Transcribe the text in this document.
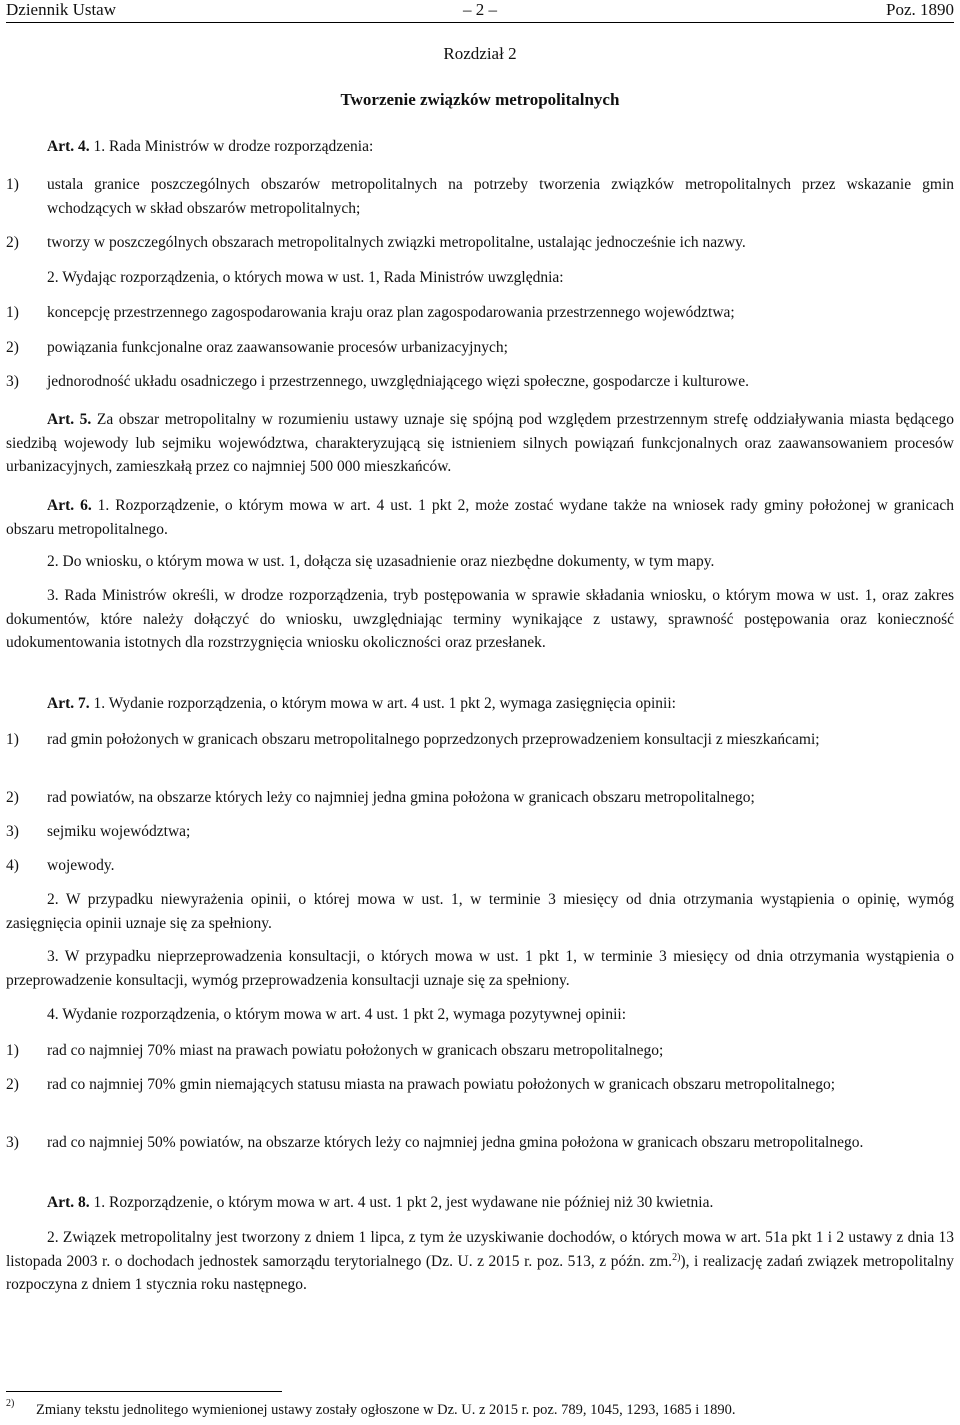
Dziennik Ustaw	– 2 –	Poz. 1890
Rozdział 2
Tworzenie związków metropolitalnych
Art. 4. 1. Rada Ministrów w drodze rozporządzenia:
1) ustala granice poszczególnych obszarów metropolitalnych na potrzeby tworzenia związków metropolitalnych przez wskazanie gmin wchodzących w skład obszarów metropolitalnych;
2) tworzy w poszczególnych obszarach metropolitalnych związki metropolitalne, ustalając jednocześnie ich nazwy.
2. Wydając rozporządzenia, o których mowa w ust. 1, Rada Ministrów uwzględnia:
1) koncepcję przestrzennego zagospodarowania kraju oraz plan zagospodarowania przestrzennego województwa;
2) powiązania funkcjonalne oraz zaawansowanie procesów urbanizacyjnych;
3) jednorodność układu osadniczego i przestrzennego, uwzględniającego więzi społeczne, gospodarcze i kulturowe.
Art. 5. Za obszar metropolitalny w rozumieniu ustawy uznaje się spójną pod względem przestrzennym strefę oddziaływania miasta będącego siedzibą wojewody lub sejmiku województwa, charakteryzującą się istnieniem silnych powiązań funkcjonalnych oraz zaawansowaniem procesów urbanizacyjnych, zamieszkałą przez co najmniej 500 000 mieszkańców.
Art. 6. 1. Rozporządzenie, o którym mowa w art. 4 ust. 1 pkt 2, może zostać wydane także na wniosek rady gminy położonej w granicach obszaru metropolitalnego.
2. Do wniosku, o którym mowa w ust. 1, dołącza się uzasadnienie oraz niezbędne dokumenty, w tym mapy.
3. Rada Ministrów określi, w drodze rozporządzenia, tryb postępowania w sprawie składania wniosku, o którym mowa w ust. 1, oraz zakres dokumentów, które należy dołączyć do wniosku, uwzględniając terminy wynikające z ustawy, sprawność postępowania oraz konieczność udokumentowania istotnych dla rozstrzygnięcia wniosku okoliczności oraz przesłanek.
Art. 7. 1. Wydanie rozporządzenia, o którym mowa w art. 4 ust. 1 pkt 2, wymaga zasięgnięcia opinii:
1) rad gmin położonych w granicach obszaru metropolitalnego poprzedzonych przeprowadzeniem konsultacji z mieszkańcami;
2) rad powiatów, na obszarze których leży co najmniej jedna gmina położona w granicach obszaru metropolitalnego;
3) sejmiku województwa;
4) wojewody.
2. W przypadku niewyrażenia opinii, o której mowa w ust. 1, w terminie 3 miesięcy od dnia otrzymania wystąpienia o opinię, wymóg zasięgnięcia opinii uznaje się za spełniony.
3. W przypadku nieprzeprowadzenia konsultacji, o których mowa w ust. 1 pkt 1, w terminie 3 miesięcy od dnia otrzymania wystąpienia o przeprowadzenie konsultacji, wymóg przeprowadzenia konsultacji uznaje się za spełniony.
4. Wydanie rozporządzenia, o którym mowa w art. 4 ust. 1 pkt 2, wymaga pozytywnej opinii:
1) rad co najmniej 70% miast na prawach powiatu położonych w granicach obszaru metropolitalnego;
2) rad co najmniej 70% gmin niemających statusu miasta na prawach powiatu położonych w granicach obszaru metropolitalnego;
3) rad co najmniej 50% powiatów, na obszarze których leży co najmniej jedna gmina położona w granicach obszaru metropolitalnego.
Art. 8. 1. Rozporządzenie, o którym mowa w art. 4 ust. 1 pkt 2, jest wydawane nie później niż 30 kwietnia.
2. Związek metropolitalny jest tworzony z dniem 1 lipca, z tym że uzyskiwanie dochodów, o których mowa w art. 51a pkt 1 i 2 ustawy z dnia 13 listopada 2003 r. o dochodach jednostek samorządu terytorialnego (Dz. U. z 2015 r. poz. 513, z późn. zm.$^{2)}$), i realizację zadań związek metropolitalny rozpoczyna z dniem 1 stycznia roku następnego.
2) Zmiany tekstu jednolitego wymienionej ustawy zostały ogłoszone w Dz. U. z 2015 r. poz. 789, 1045, 1293, 1685 i 1890.
